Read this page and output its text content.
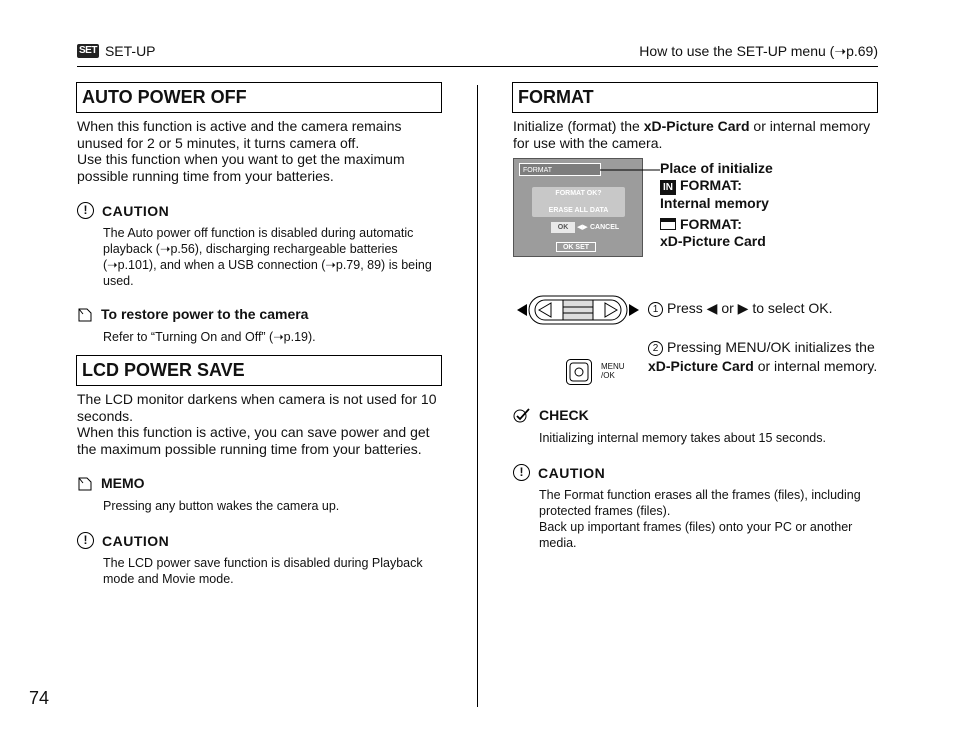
SET SET-UP	How to use the SET-UP menu (➝p.69)
AUTO POWER OFF
When this function is active and the camera remains unused for 2 or 5 minutes, it turns camera off.
Use this function when you want to get the maximum possible running time from your batteries.
!	CAUTION
The Auto power off function is disabled during automatic playback (➝p.56), discharging rechargeable batteries (➝p.101), and when a USB connection (➝p.79, 89) is being used.
To restore power to the camera
Refer to “Turning On and Off” (➝p.19).
LCD POWER SAVE
The LCD monitor darkens when camera is not used for 10 seconds.
When this function is active, you can save power and get the maximum possible running time from your batteries.
MEMO
Pressing any button wakes the camera up.
!	CAUTION
The LCD power save function is disabled during Playback mode and Movie mode.
FORMAT
Initialize (format) the xD-Picture Card or internal memory for use with the camera.
FORMAT
FORMAT OK?
ERASE ALL DATA
OK	◀▶ CANCEL
OK SET
Place of initialize
IN FORMAT:
Internal memory
FORMAT:
xD-Picture Card
1 Press ◀ or ▶ to select OK.
MENU
/OK
2 Pressing MENU/OK initializes the xD-Picture Card or internal memory.
CHECK
Initializing internal memory takes about 15 seconds.
!	CAUTION
The Format function erases all the frames (files), including protected frames (files).
Back up important frames (files) onto your PC or another media.
74
